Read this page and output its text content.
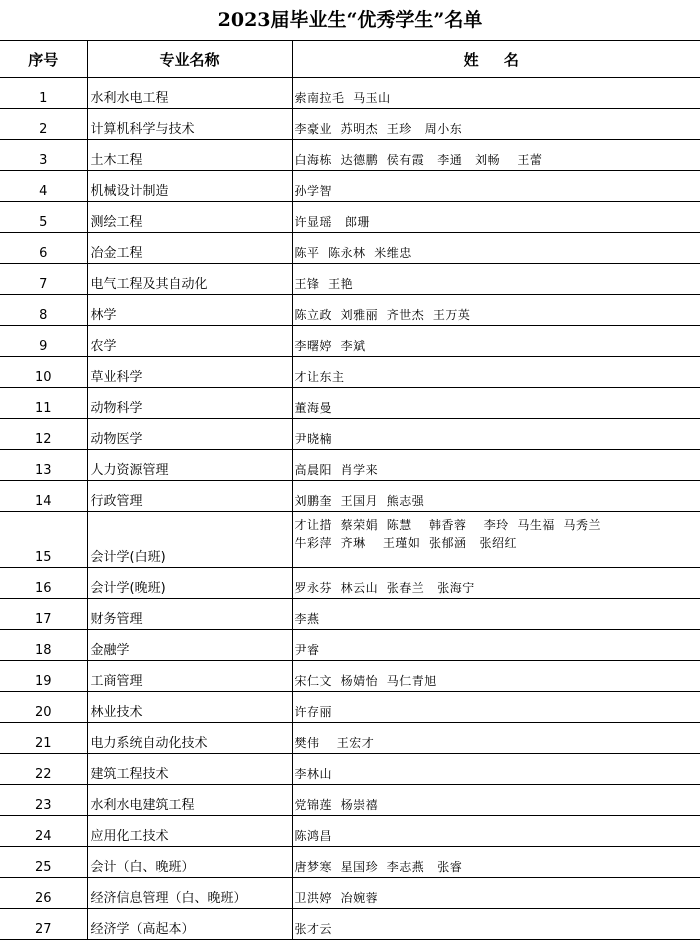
2023届毕业生“优秀学生”名单
序号	专业名称	姓 名
1	水利水电工程	索南拉毛  马玉山
2	计算机科学与技术	李豪业  苏明杰  王珍   周小东
3	土木工程	白海栋  达德鹏  侯有霞   李通   刘畅    王蕾
4	机械设计制造	孙学智
5	测绘工程	许显瑶   郎珊
6	冶金工程	陈平  陈永林  米维忠
7	电气工程及其自动化	王锋  王艳
8	林学	陈立政  刘雅丽  齐世杰  王万英
9	农学	李曙婷  李斌
10	草业科学	才让东主
11	动物科学	董海曼
12	动物医学	尹晓楠
13	人力资源管理	高晨阳  肖学来
14	行政管理	刘鹏奎  王国月  熊志强
15	会计学(白班)	才让措  蔡荣娟  陈慧    韩香蓉    李玲  马生福  马秀兰
牛彩萍  齐琳    王瑾如  张郁涵   张绍红
16	会计学(晚班)	罗永芬  林云山  张春兰   张海宁
17	财务管理	李燕
18	金融学	尹睿
19	工商管理	宋仁文  杨婧怡  马仁青旭
20	林业技术	许存丽
21	电力系统自动化技术	樊伟    王宏才
22	建筑工程技术	李林山
23	水利水电建筑工程	党锦莲  杨崇禧
24	应用化工技术	陈鸿昌
25	会计（白、晚班）	唐梦寒  星国珍  李志燕   张睿
26	经济信息管理（白、晚班）	卫洪婷  冶婉蓉
27	经济学（高起本）	张才云
